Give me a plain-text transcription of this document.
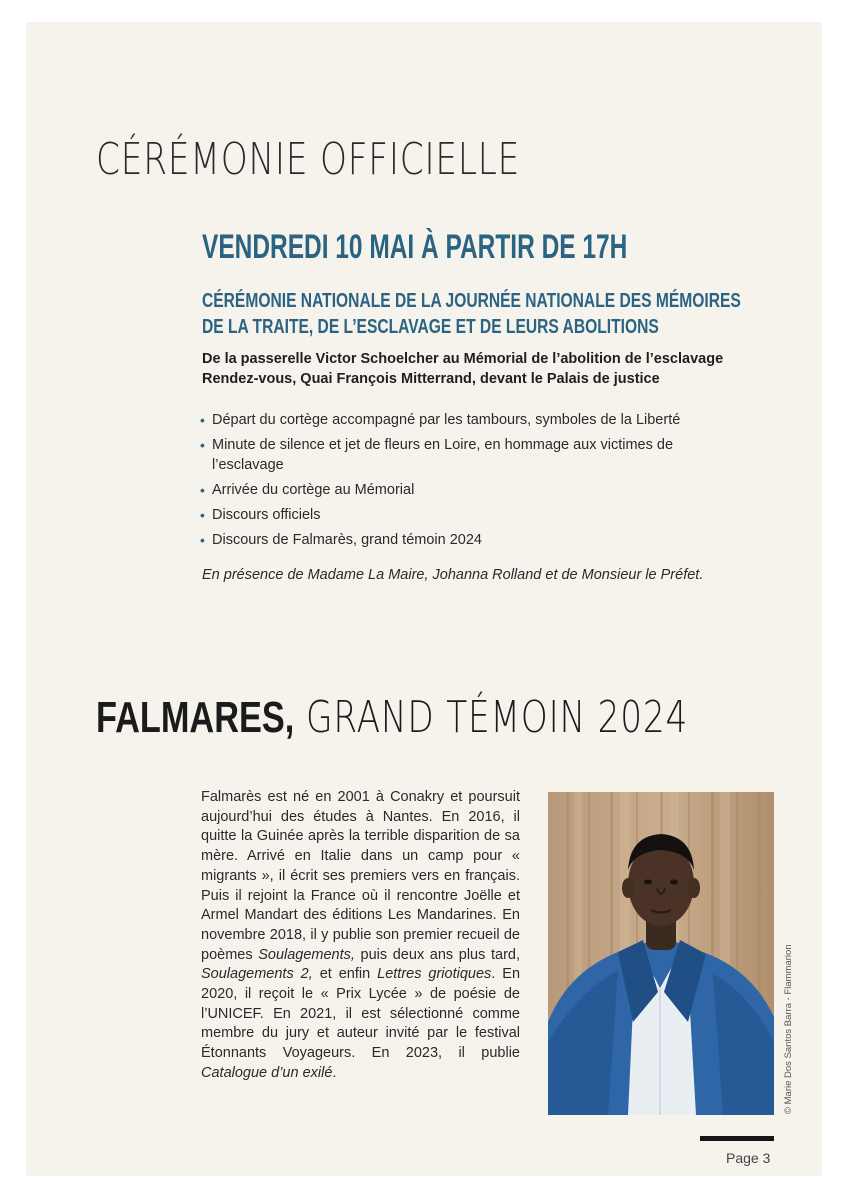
CÉRÉMONIE OFFICIELLE
VENDREDI 10 MAI À PARTIR DE 17H
CÉRÉMONIE NATIONALE DE LA JOURNÉE NATIONALE DES MÉMOIRES
DE LA TRAITE, DE L’ESCLAVAGE ET DE LEURS ABOLITIONS
De la passerelle Victor Schoelcher au Mémorial de l’abolition de l’esclavage
Rendez-vous, Quai François Mitterrand, devant le Palais de justice
• Départ du cortège accompagné par les tambours, symboles de la Liberté
• Minute de silence et jet de fleurs en Loire, en hommage aux victimes de l’esclavage
• Arrivée du cortège au Mémorial
• Discours officiels
• Discours de Falmarès, grand témoin 2024
En présence de Madame La Maire, Johanna Rolland et de Monsieur le Préfet.
FALMARES, GRAND TÉMOIN 2024

Falmarès est né en 2001 à Conakry et poursuit aujourd’hui des études à Nantes. En 2016, il quitte la Guinée après la terrible disparition de sa mère. Arrivé en Italie dans un camp pour « migrants », il écrit ses premiers vers en français. Puis il rejoint la France où il rencontre Joëlle et Armel Mandart des éditions Les Mandarines. En novembre 2018, il y publie son premier recueil de poèmes Soulagements, puis deux ans plus tard, Soulagements 2, et enfin Lettres griotiques. En 2020, il reçoit le « Prix Lycée » de poésie de l’UNICEF. En 2021, il est sélectionné comme membre du jury et auteur invité par le festival Étonnants Voyageurs. En 2023, il publie Catalogue d’un exilé.	© Marie Dos Santos Barra - Flammarion
Page 3
